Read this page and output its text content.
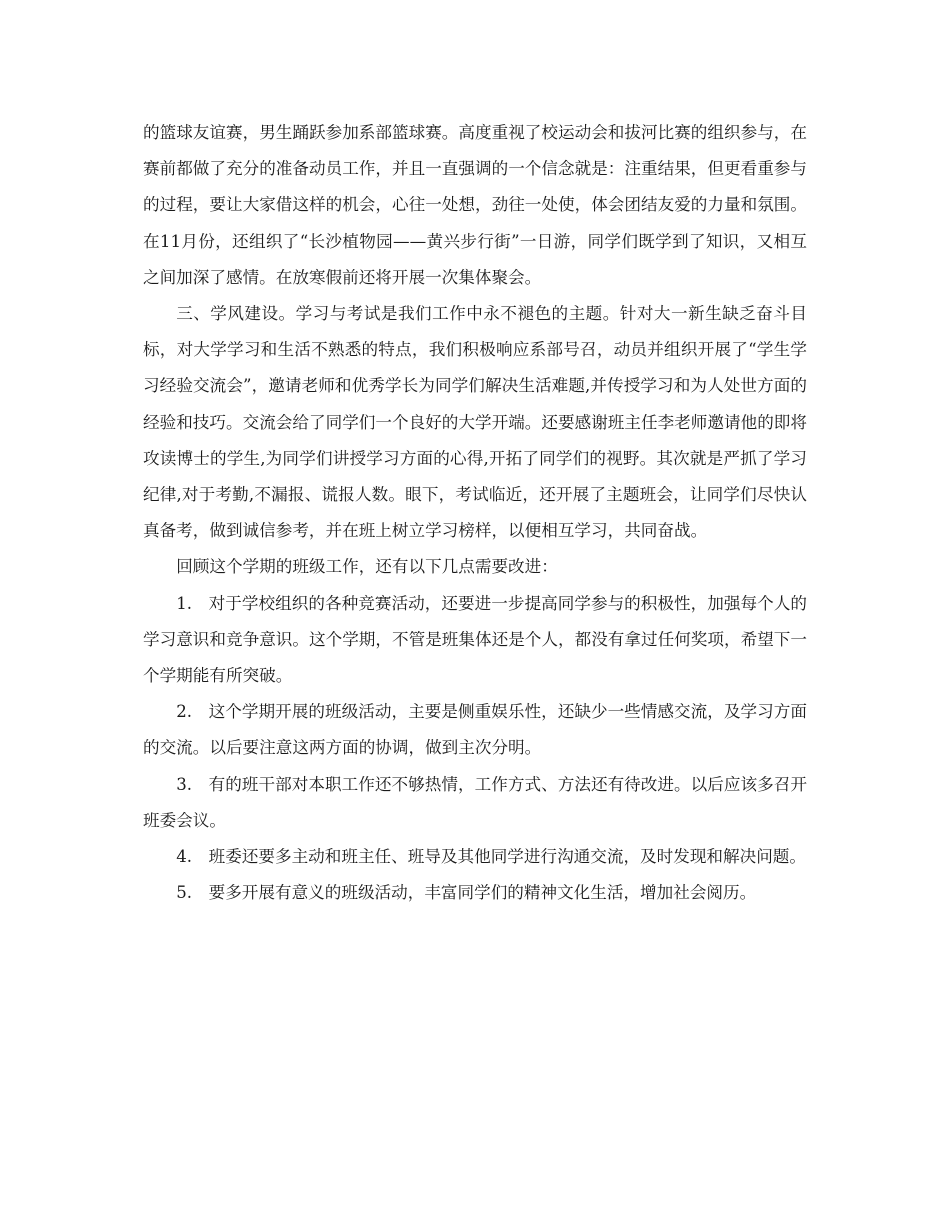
的篮球友谊赛，男生踊跃参加系部篮球赛。高度重视了校运动会和拔河比赛的组织参与，在赛前都做了充分的准备动员工作，并且一直强调的一个信念就是：注重结果，但更看重参与的过程，要让大家借这样的机会，心往一处想，劲往一处使，体会团结友爱的力量和氛围。在11月份，还组织了“长沙植物园——黄兴步行街”一日游，同学们既学到了知识，又相互之间加深了感情。在放寒假前还将开展一次集体聚会。

三、学风建设。学习与考试是我们工作中永不褪色的主题。针对大一新生缺乏奋斗目标，对大学学习和生活不熟悉的特点，我们积极响应系部号召，动员并组织开展了“学生学习经验交流会”，邀请老师和优秀学长为同学们解决生活难题,并传授学习和为人处世方面的经验和技巧。交流会给了同学们一个良好的大学开端。还要感谢班主任李老师邀请他的即将攻读博士的学生,为同学们讲授学习方面的心得,开拓了同学们的视野。其次就是严抓了学习纪律,对于考勤,不漏报、谎报人数。眼下，考试临近，还开展了主题班会，让同学们尽快认真备考，做到诚信参考，并在班上树立学习榜样，以便相互学习，共同奋战。

回顾这个学期的班级工作，还有以下几点需要改进：

1.　对于学校组织的各种竞赛活动，还要进一步提高同学参与的积极性，加强每个人的学习意识和竞争意识。这个学期，不管是班集体还是个人，都没有拿过任何奖项，希望下一个学期能有所突破。

2.　这个学期开展的班级活动，主要是侧重娱乐性，还缺少一些情感交流，及学习方面的交流。以后要注意这两方面的协调，做到主次分明。

3.　有的班干部对本职工作还不够热情，工作方式、方法还有待改进。以后应该多召开班委会议。

4.　班委还要多主动和班主任、班导及其他同学进行沟通交流，及时发现和解决问题。

5.　要多开展有意义的班级活动，丰富同学们的精神文化生活，增加社会阅历。
